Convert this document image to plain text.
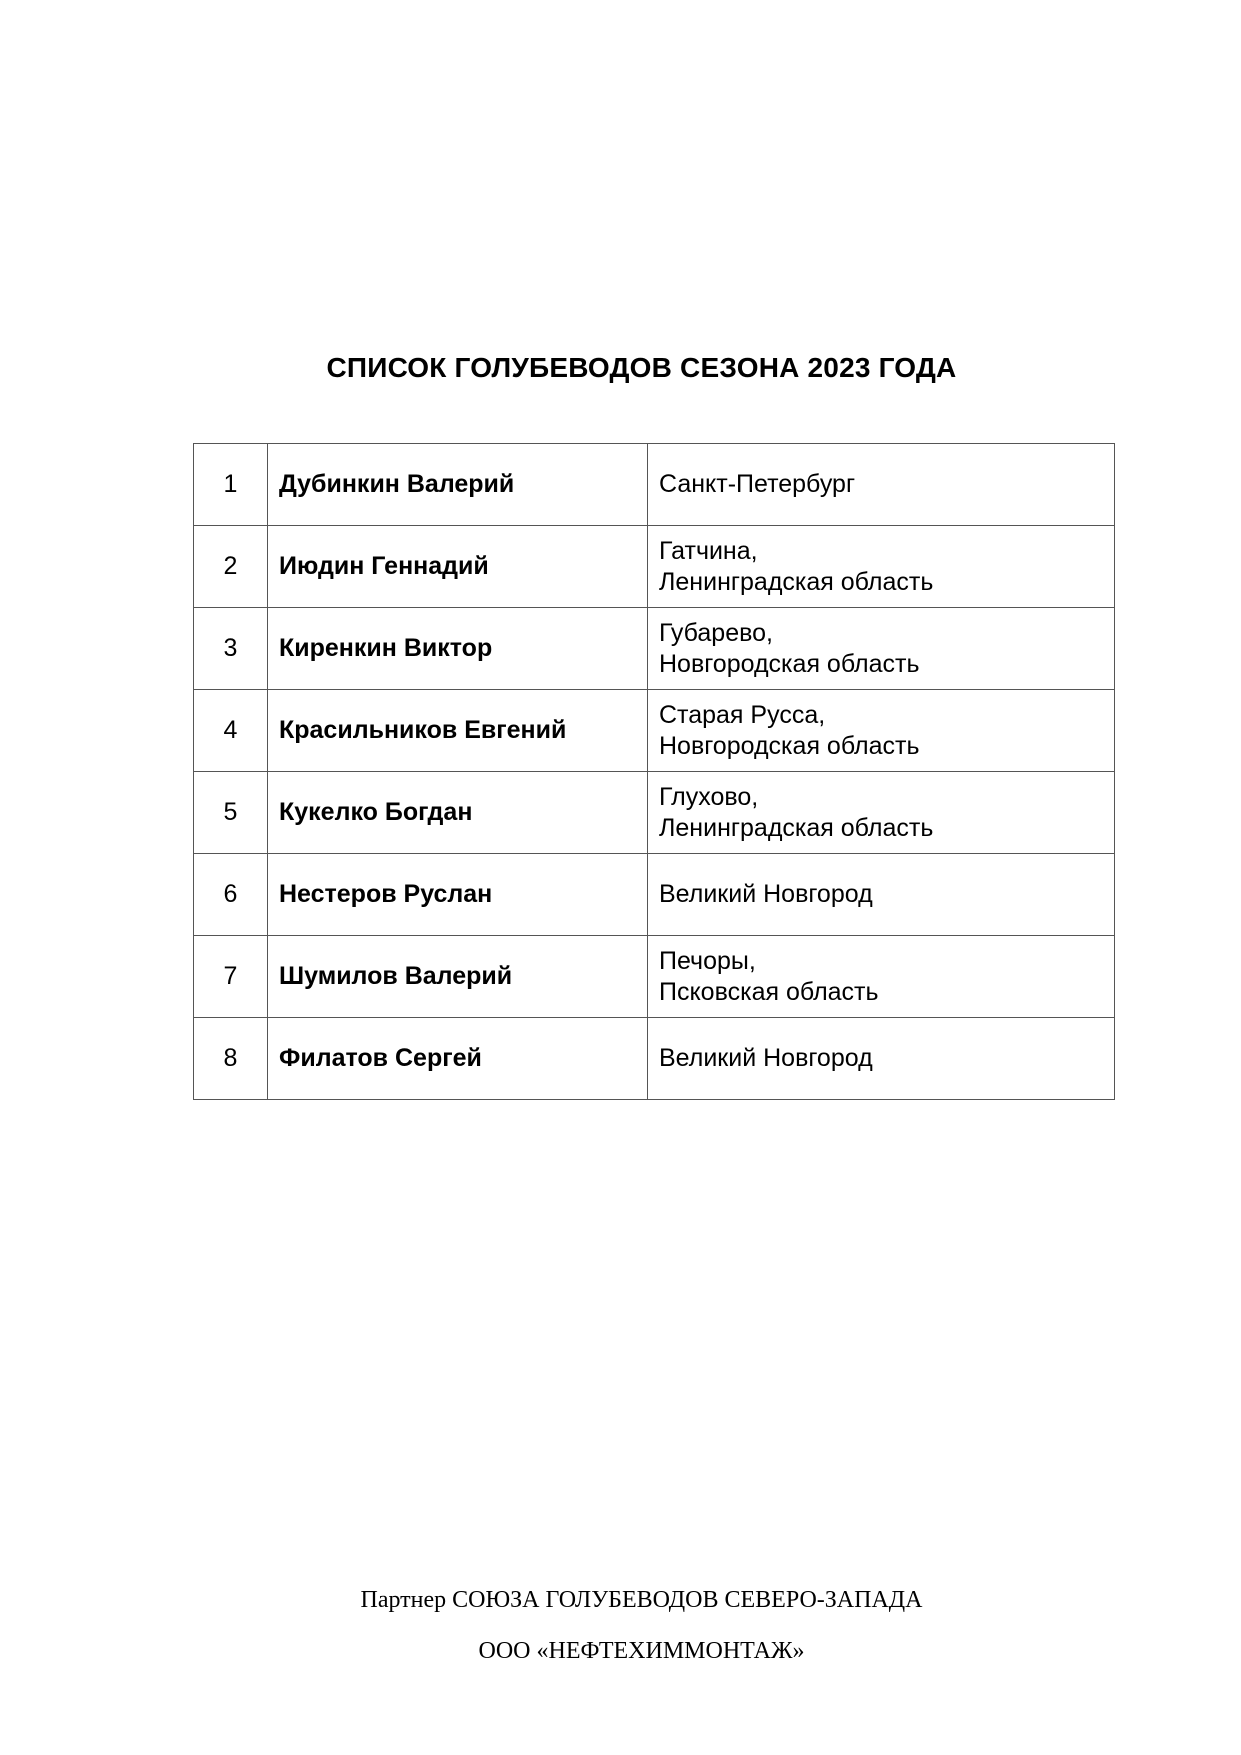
СПИСОК ГОЛУБЕВОДОВ СЕЗОНА 2023 ГОДА
1	Дубинкин Валерий	Санкт-Петербург

2	Июдин Геннадий	Гатчина,
Ленинградская область

3	Киренкин Виктор	Губарево,
Новгородская область

4	Красильников Евгений	Старая Русса,
Новгородская область

5	Кукелко Богдан	Глухово,
Ленинградская область

6	Нестеров Руслан	Великий Новгород

7	Шумилов Валерий	Печоры,
Псковская область

8	Филатов Сергей	Великий Новгород
Партнер СОЮЗА ГОЛУБЕВОДОВ СЕВЕРО-ЗАПАДА
ООО «НЕФТЕХИММОНТАЖ»
